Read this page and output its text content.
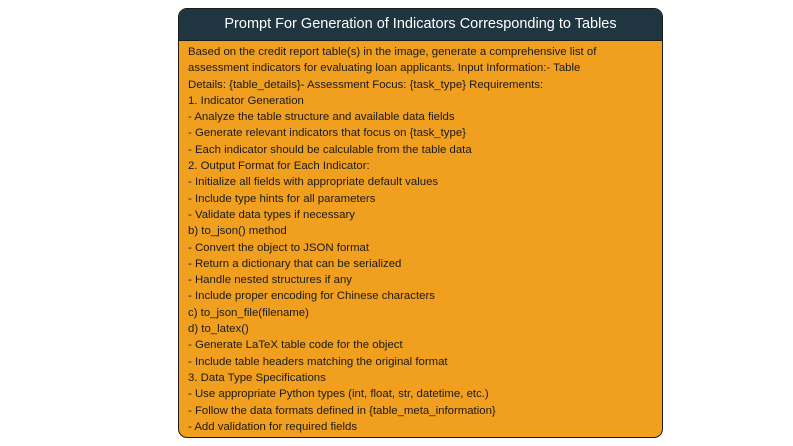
Prompt For Generation of Indicators Corresponding to Tables
Based on the credit report table(s) in the image, generate a comprehensive list of
assessment indicators for evaluating loan applicants. Input Information:- Table
Details: {table_details}- Assessment Focus: {task_type} Requirements:
1. Indicator Generation
- Analyze the table structure and available data fields
- Generate relevant indicators that focus on {task_type}
- Each indicator should be calculable from the table data
2. Output Format for Each Indicator:
- Initialize all fields with appropriate default values
- Include type hints for all parameters
- Validate data types if necessary
b) to_json() method
- Convert the object to JSON format
- Return a dictionary that can be serialized
- Handle nested structures if any
- Include proper encoding for Chinese characters
c) to_json_file(filename)
d) to_latex()
- Generate LaTeX table code for the object
- Include table headers matching the original format
3. Data Type Specifications
- Use appropriate Python types (int, float, str, datetime, etc.)
- Follow the data formats defined in {table_meta_information}
- Add validation for required fields
